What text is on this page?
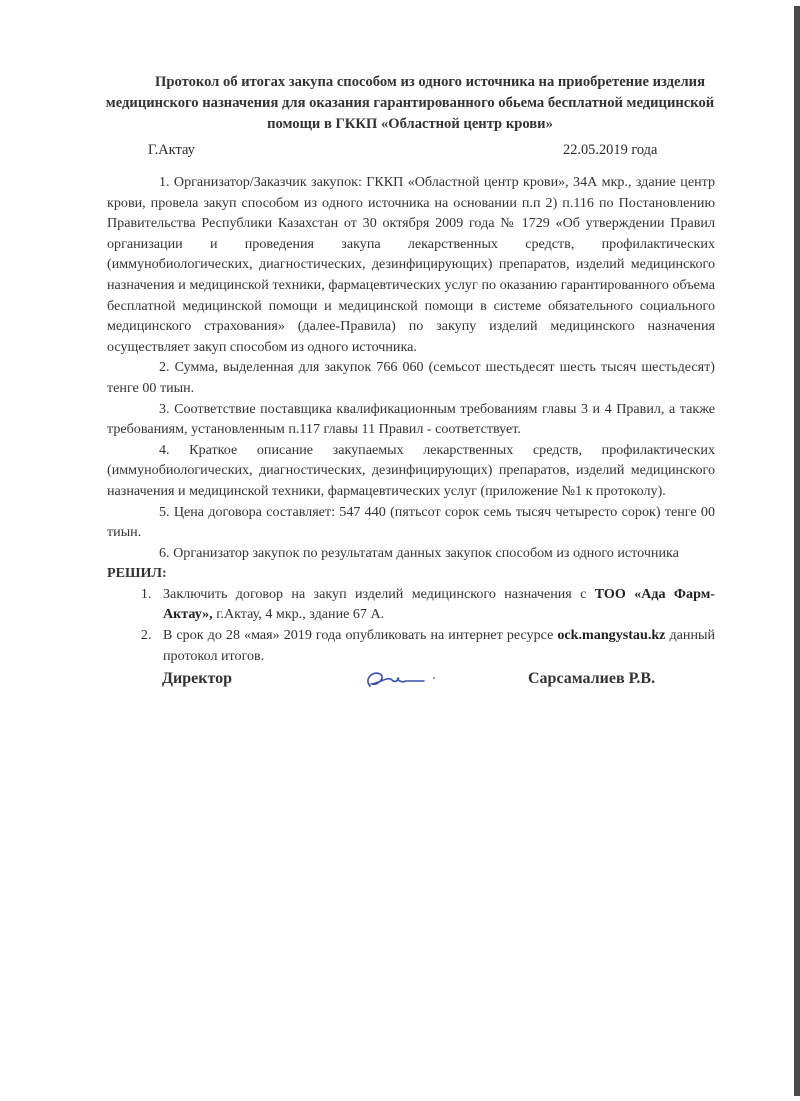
Протокол об итогах закупа способом из одного источника на приобретение изделия
медицинского назначения для оказания гарантированного обьема бесплатной медицинской
помощи в ГККП «Областной центр крови»
Г.Актау	22.05.2019 года

1. Организатор/Заказчик закупок: ГККП «Областной центр крови», 34А мкр., здание центр крови, провела закуп способом из одного источника на основании п.п 2) п.116 по Постановлению Правительства Республики Казахстан от 30 октября 2009 года № 1729 «Об утверждении Правил организации и проведения закупа лекарственных средств, профилактических (иммунобиологических, диагностических, дезинфицирующих) препаратов, изделий медицинского назначения и медицинской техники, фармацевтических услуг по оказанию гарантированного объема бесплатной медицинской помощи и медицинской помощи в системе обязательного социального медицинского страхования» (далее-Правила) по закупу изделий медицинского назначения осуществляет закуп способом из одного источника.

2. Сумма, выделенная для закупок 766 060 (семьсот шестьдесят шесть тысяч шестьдесят) тенге 00 тиын.

3. Соответствие поставщика квалификационным требованиям главы 3 и 4 Правил, а также требованиям, установленным п.117 главы 11 Правил - соответствует.

4. Краткое описание закупаемых лекарственных средств, профилактических (иммунобиологических, диагностических, дезинфицирующих) препаратов, изделий медицинского назначения и медицинской техники, фармацевтических услуг (приложение №1 к протоколу).

5. Цена договора составляет: 547 440 (пятьсот сорок семь тысяч четыресто сорок) тенге 00 тиын.

6. Организатор закупок по результатам данных закупок способом из одного источника

РЕШИЛ:

1. Заключить договор на закуп изделий медицинского назначения с ТОО «Ада Фарм-Актау», г.Актау, 4 мкр., здание 67 А.
2. В срок до 28 «мая» 2019 года опубликовать на интернет ресурсе ock.mangystau.kz данный протокол итогов.
Директор	Сарсамалиев Р.В.
